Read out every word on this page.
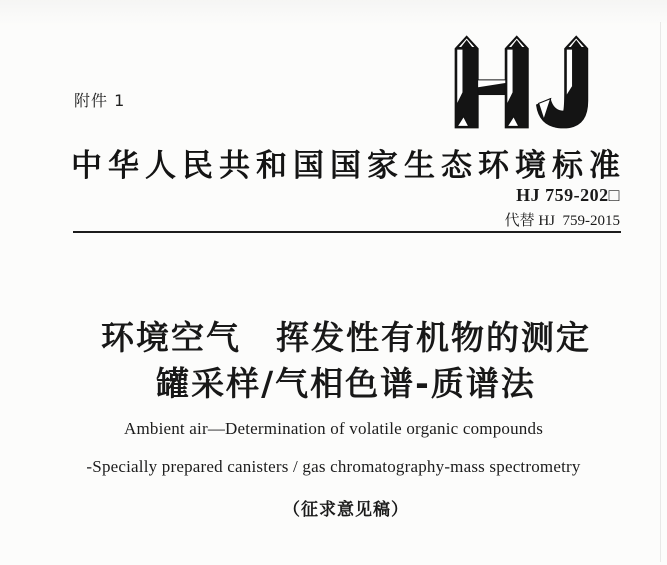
附件 1
中华人民共和国国家生态环境标准
HJ 759-202□
代替 HJ  759-2015
环境空气　挥发性有机物的测定
罐采样/气相色谱-质谱法
Ambient air—Determination of volatile organic compounds
-Specially prepared canisters / gas chromatography-mass spectrometry
（征求意见稿）
